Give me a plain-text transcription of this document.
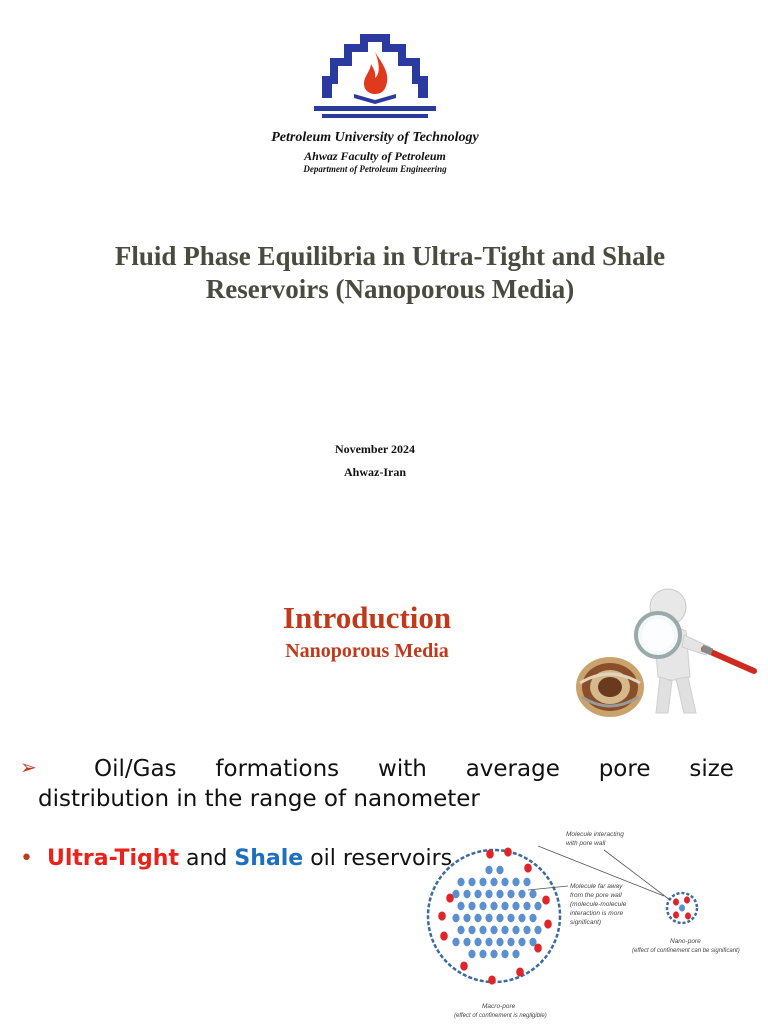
Petroleum University of Technology
Ahwaz Faculty of Petroleum
Department of Petroleum Engineering
Fluid Phase Equilibria in Ultra-Tight and Shale Reservoirs (Nanoporous Media)
November 2024
Ahwaz-Iran
Introduction
Nanoporous Media
➢ Oil/Gas formations with average pore size
distribution in the range of nanometer
• Ultra-Tight and Shale oil reservoirs
Molecule interacting
with pore wall
Molecule far away
from the pore wall
(molecule-molecule
interaction is more
significant)
Nano-pore
(effect of confinement can be significant)
Macro-pore
(effect of confinement is negligible)
